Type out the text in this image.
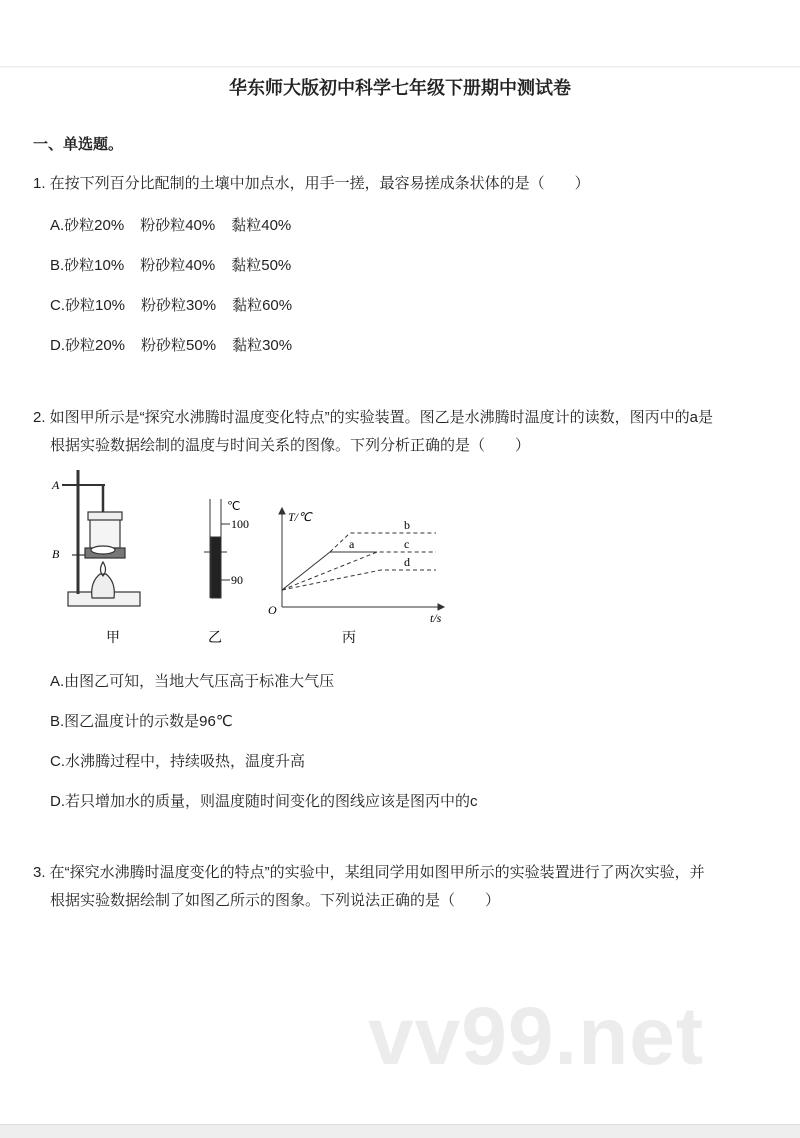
华东师大版初中科学七年级下册期中测试卷
一、单选题。
1. 在按下列百分比配制的土壤中加点水，用手一搓，最容易搓成条状体的是（　　）
A.砂粒20% 粉砂粒40% 黏粒40%
B.砂粒10% 粉砂粒40% 黏粒50%
C.砂粒10% 粉砂粒30% 黏粒60%
D.砂粒20% 粉砂粒50% 黏粒30%
2. 如图甲所示是“探究水沸腾时温度变化特点”的实验装置。图乙是水沸腾时温度计的读数，图丙中的a是
根据实验数据绘制的温度与时间关系的图像。下列分析正确的是（　　）
A
B
甲
℃
100
90
乙
T/℃
t/s
O
a
b
c
d
丙
A.由图乙可知，当地大气压高于标准大气压
B.图乙温度计的示数是96℃
C.水沸腾过程中，持续吸热，温度升高
D.若只增加水的质量，则温度随时间变化的图线应该是图丙中的c
3. 在“探究水沸腾时温度变化的特点”的实验中，某组同学用如图甲所示的实验装置进行了两次实验，并
根据实验数据绘制了如图乙所示的图象。下列说法正确的是（　　）
vv99.net
